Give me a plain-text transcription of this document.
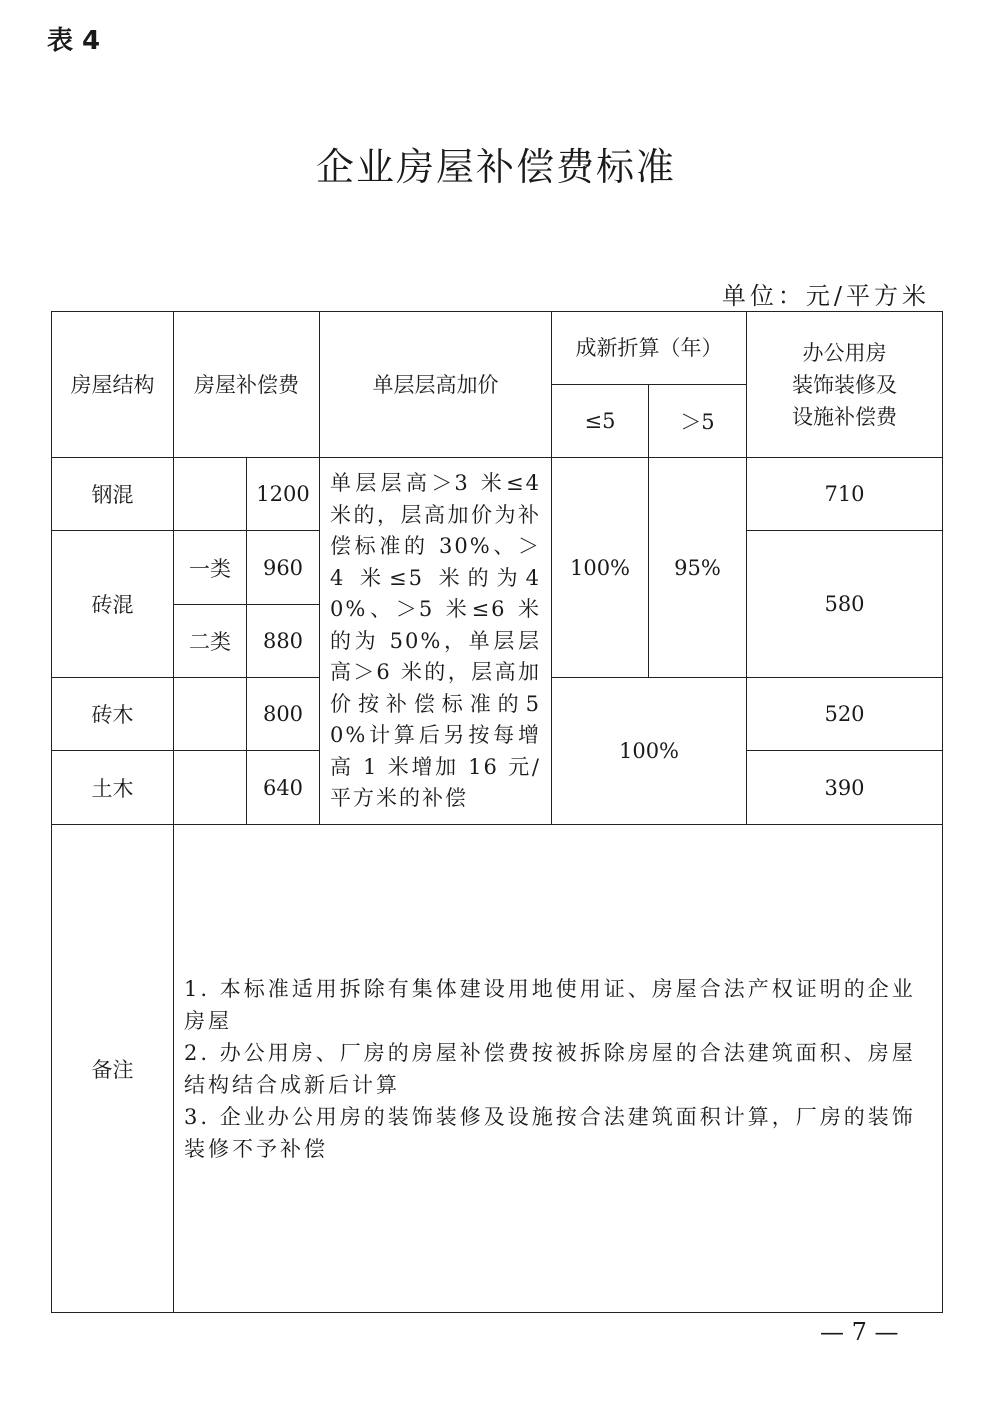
表 4
企业房屋补偿费标准
单位：元/平方米
房屋结构	房屋补偿费		单层层高加价	成新折算（年）		办公用房
装饰装修及
设施补偿费

				≤5	＞5	
钢混		1200	单层层高＞3 米≤4米的，层高加价为补偿标准的 30%、＞4 米≤5 米的为40%、＞5 米≤6 米的为 50%，单层层高＞6 米的，层高加价按补偿标准的50%计算后另按每增高 1 米增加 16 元/平方米的补偿	100%	95%	710
砖混	一类	960				580
	二类	880				
砖木		800		100%		520
土木		640				390
备注	1. 本标准适用拆除有集体建设用地使用证、房屋合法产权证明的企业房屋

2. 办公用房、厂房的房屋补偿费按被拆除房屋的合法建筑面积、房屋结构结合成新后计算

3. 企业办公用房的装饰装修及设施按合法建筑面积计算，厂房的装饰装修不予补偿					

— 7 —
